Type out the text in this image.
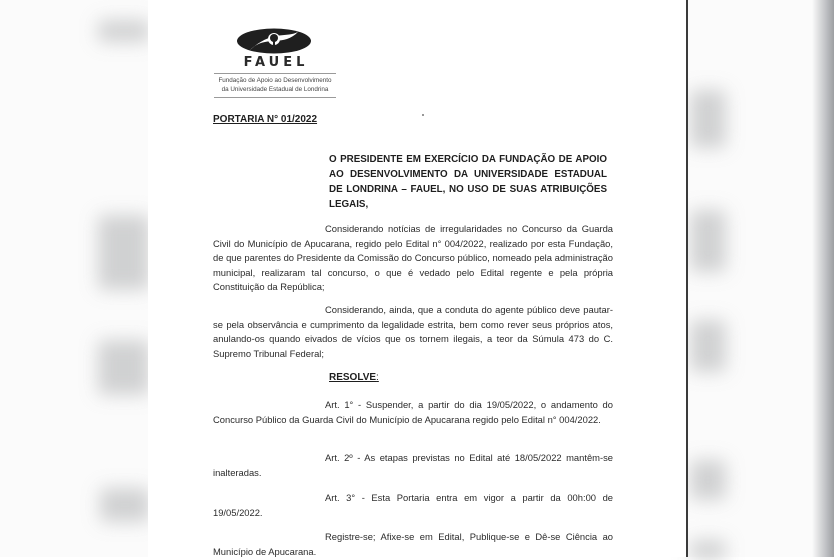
FAUEL
Fundação de Apoio ao Desenvolvimento
da Universidade Estadual de Londrina
PORTARIA N° 01/2022
O PRESIDENTE EM EXERCÍCIO DA FUNDAÇÃO DE APOIO AO DESENVOLVIMENTO DA UNIVERSIDADE ESTADUAL DE LONDRINA – FAUEL, NO USO DE SUAS ATRIBUIÇÕES LEGAIS,
Considerando notícias de irregularidades no Concurso da Guarda Civil do Município de Apucarana, regido pelo Edital n° 004/2022, realizado por esta Fundação, de que parentes do Presidente da Comissão do Concurso público, nomeado pela administração municipal, realizaram tal concurso, o que é vedado pelo Edital regente e pela própria Constituição da República;
Considerando, ainda, que a conduta do agente público deve pautar-se pela observância e cumprimento da legalidade estrita, bem como rever seus próprios atos, anulando-os quando eivados de vícios que os tornem ilegais, a teor da Súmula 473 do C. Supremo Tribunal Federal;
RESOLVE:
Art. 1° - Suspender, a partir do dia 19/05/2022, o andamento do Concurso Público da Guarda Civil do Município de Apucarana regido pelo Edital n° 004/2022.
Art. 2º - As etapas previstas no Edital até 18/05/2022 mantêm-se inalteradas.
Art. 3° - Esta Portaria entra em vigor a partir da 00h:00 de 19/05/2022.
Registre-se; Afixe-se em Edital, Publique-se e Dê-se Ciência ao Município de Apucarana.
